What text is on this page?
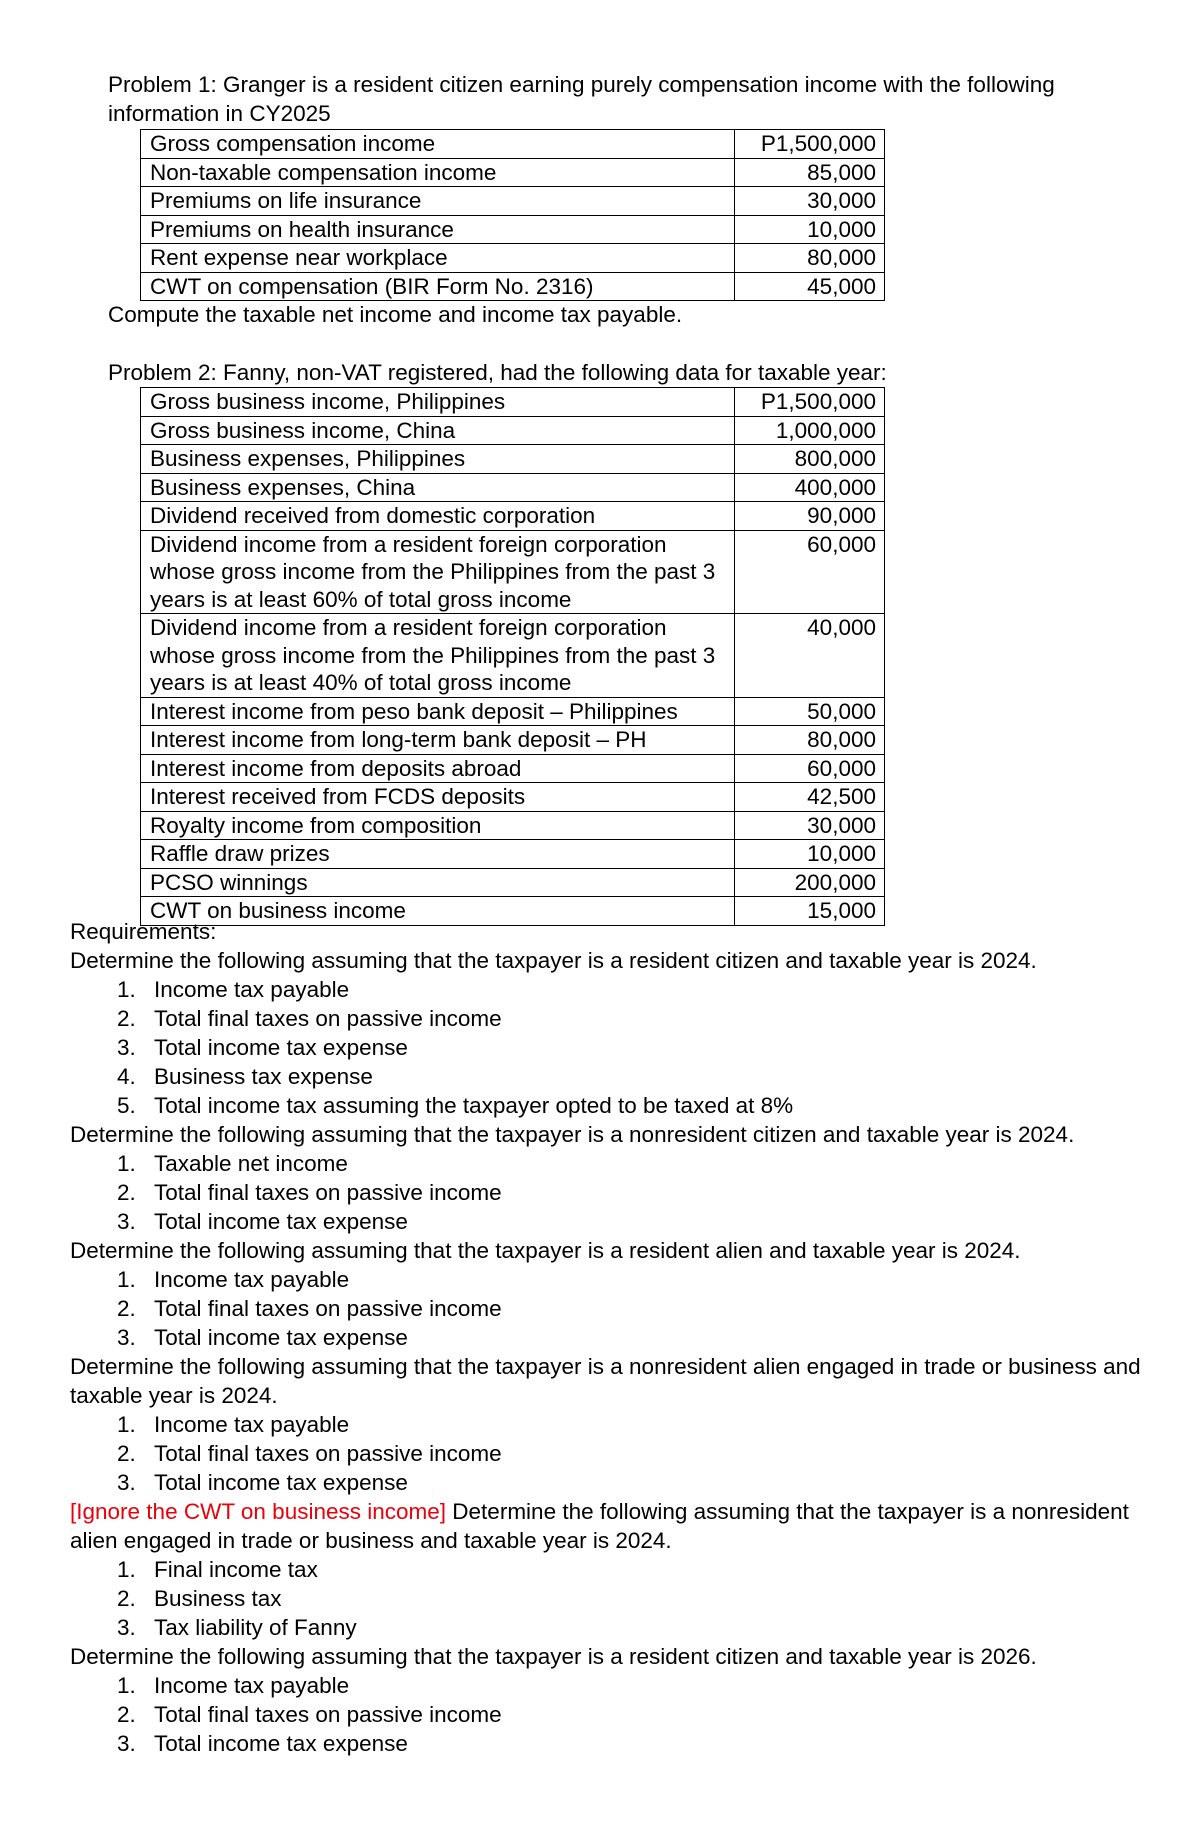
Problem 1: Granger is a resident citizen earning purely compensation income with the following information in CY2025

Gross compensation income	P1,500,000
Non-taxable compensation income	85,000
Premiums on life insurance	30,000
Premiums on health insurance	10,000
Rent expense near workplace	80,000
CWT on compensation (BIR Form No. 2316)	45,000

Compute the taxable net income and income tax payable.

Problem 2: Fanny, non-VAT registered, had the following data for taxable year:

Gross business income, Philippines	P1,500,000
Gross business income, China	1,000,000
Business expenses, Philippines	800,000
Business expenses, China	400,000
Dividend received from domestic corporation	90,000
Dividend income from a resident foreign corporation whose gross income from the Philippines from the past 3 years is at least 60% of total gross income	60,000
Dividend income from a resident foreign corporation whose gross income from the Philippines from the past 3 years is at least 40% of total gross income	40,000
Interest income from peso bank deposit – Philippines	50,000
Interest income from long-term bank deposit – PH	80,000
Interest income from deposits abroad	60,000
Interest received from FCDS deposits	42,500
Royalty income from composition	30,000
Raffle draw prizes	10,000
PCSO winnings	200,000
CWT on business income	15,000

Requirements:

Determine the following assuming that the taxpayer is a resident citizen and taxable year is 2024.

1. Income tax payable
2. Total final taxes on passive income
3. Total income tax expense
4. Business tax expense
5. Total income tax assuming the taxpayer opted to be taxed at 8%

Determine the following assuming that the taxpayer is a nonresident citizen and taxable year is 2024.

1. Taxable net income
2. Total final taxes on passive income
3. Total income tax expense

Determine the following assuming that the taxpayer is a resident alien and taxable year is 2024.

1. Income tax payable
2. Total final taxes on passive income
3. Total income tax expense

Determine the following assuming that the taxpayer is a nonresident alien engaged in trade or business and taxable year is 2024.

1. Income tax payable
2. Total final taxes on passive income
3. Total income tax expense

[Ignore the CWT on business income] Determine the following assuming that the taxpayer is a nonresident alien engaged in trade or business and taxable year is 2024.

1. Final income tax
2. Business tax
3. Tax liability of Fanny

Determine the following assuming that the taxpayer is a resident citizen and taxable year is 2026.

1. Income tax payable
2. Total final taxes on passive income
3. Total income tax expense
